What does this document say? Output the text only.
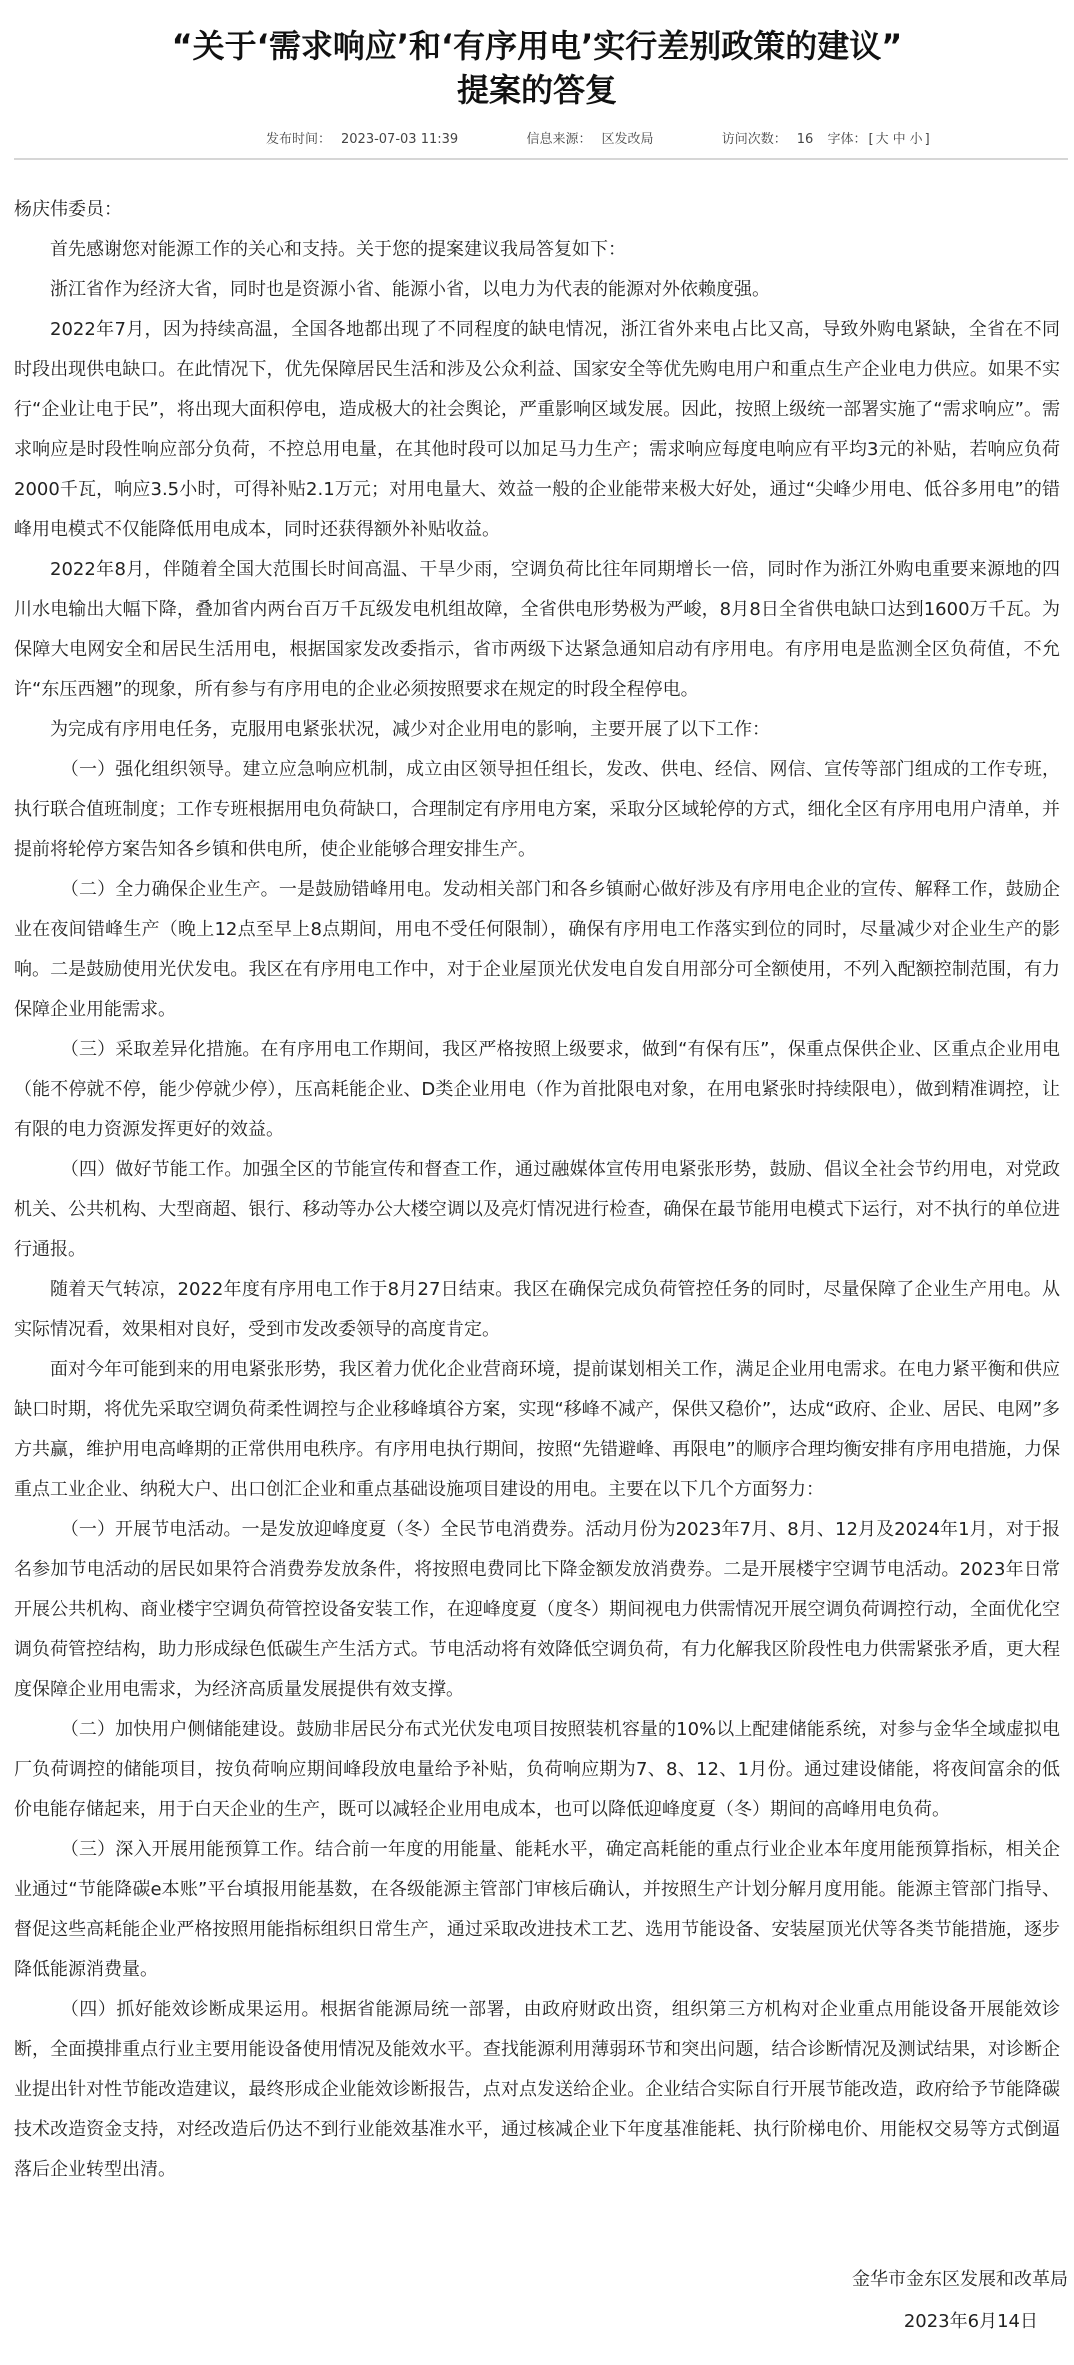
“关于‘需求响应’和‘有序用电’实行差别政策的建议”
提案的答复
发布时间： 2023-07-03 11:39	信息来源： 区发改局	访问次数： 16 字体： [ 大 中 小 ]

杨庆伟委员：

首先感谢您对能源工作的关心和支持。关于您的提案建议我局答复如下：

浙江省作为经济大省，同时也是资源小省、能源小省，以电力为代表的能源对外依赖度强。

2022年7月，因为持续高温，全国各地都出现了不同程度的缺电情况，浙江省外来电占比又高，导致外购电紧缺，全省在不同时段出现供电缺口。在此情况下，优先保障居民生活和涉及公众利益、国家安全等优先购电用户和重点生产企业电力供应。如果不实行“企业让电于民”，将出现大面积停电，造成极大的社会舆论，严重影响区域发展。因此，按照上级统一部署实施了“需求响应”。需求响应是时段性响应部分负荷，不控总用电量，在其他时段可以加足马力生产；需求响应每度电响应有平均3元的补贴，若响应负荷2000千瓦，响应3.5小时，可得补贴2.1万元；对用电量大、效益一般的企业能带来极大好处，通过“尖峰少用电、低谷多用电”的错峰用电模式不仅能降低用电成本，同时还获得额外补贴收益。

2022年8月，伴随着全国大范围长时间高温、干旱少雨，空调负荷比往年同期增长一倍，同时作为浙江外购电重要来源地的四川水电输出大幅下降，叠加省内两台百万千瓦级发电机组故障，全省供电形势极为严峻，8月8日全省供电缺口达到1600万千瓦。为保障大电网安全和居民生活用电，根据国家发改委指示，省市两级下达紧急通知启动有序用电。有序用电是监测全区负荷值，不允许“东压西翘”的现象，所有参与有序用电的企业必须按照要求在规定的时段全程停电。

为完成有序用电任务，克服用电紧张状况，减少对企业用电的影响，主要开展了以下工作：

（一）强化组织领导。建立应急响应机制，成立由区领导担任组长，发改、供电、经信、网信、宣传等部门组成的工作专班，执行联合值班制度；工作专班根据用电负荷缺口，合理制定有序用电方案，采取分区域轮停的方式，细化全区有序用电用户清单，并提前将轮停方案告知各乡镇和供电所，使企业能够合理安排生产。

（二）全力确保企业生产。一是鼓励错峰用电。发动相关部门和各乡镇耐心做好涉及有序用电企业的宣传、解释工作，鼓励企业在夜间错峰生产（晚上12点至早上8点期间，用电不受任何限制），确保有序用电工作落实到位的同时，尽量减少对企业生产的影响。二是鼓励使用光伏发电。我区在有序用电工作中，对于企业屋顶光伏发电自发自用部分可全额使用，不列入配额控制范围，有力保障企业用能需求。

（三）采取差异化措施。在有序用电工作期间，我区严格按照上级要求，做到“有保有压”，保重点保供企业、区重点企业用电（能不停就不停，能少停就少停），压高耗能企业、D类企业用电（作为首批限电对象，在用电紧张时持续限电），做到精准调控，让有限的电力资源发挥更好的效益。

（四）做好节能工作。加强全区的节能宣传和督查工作，通过融媒体宣传用电紧张形势，鼓励、倡议全社会节约用电，对党政机关、公共机构、大型商超、银行、移动等办公大楼空调以及亮灯情况进行检查，确保在最节能用电模式下运行，对不执行的单位进行通报。

随着天气转凉，2022年度有序用电工作于8月27日结束。我区在确保完成负荷管控任务的同时，尽量保障了企业生产用电。从实际情况看，效果相对良好，受到市发改委领导的高度肯定。

面对今年可能到来的用电紧张形势，我区着力优化企业营商环境，提前谋划相关工作，满足企业用电需求。在电力紧平衡和供应缺口时期，将优先采取空调负荷柔性调控与企业移峰填谷方案，实现“移峰不减产，保供又稳价”，达成“政府、企业、居民、电网”多方共赢，维护用电高峰期的正常供用电秩序。有序用电执行期间，按照“先错避峰、再限电”的顺序合理均衡安排有序用电措施，力保重点工业企业、纳税大户、出口创汇企业和重点基础设施项目建设的用电。主要在以下几个方面努力：

（一）开展节电活动。一是发放迎峰度夏（冬）全民节电消费券。活动月份为2023年7月、8月、12月及2024年1月，对于报名参加节电活动的居民如果符合消费券发放条件，将按照电费同比下降金额发放消费券。二是开展楼宇空调节电活动。2023年日常开展公共机构、商业楼宇空调负荷管控设备安装工作，在迎峰度夏（度冬）期间视电力供需情况开展空调负荷调控行动，全面优化空调负荷管控结构，助力形成绿色低碳生产生活方式。节电活动将有效降低空调负荷，有力化解我区阶段性电力供需紧张矛盾，更大程度保障企业用电需求，为经济高质量发展提供有效支撑。

（二）加快用户侧储能建设。鼓励非居民分布式光伏发电项目按照装机容量的10%以上配建储能系统，对参与金华全域虚拟电厂负荷调控的储能项目，按负荷响应期间峰段放电量给予补贴，负荷响应期为7、8、12、1月份。通过建设储能，将夜间富余的低价电能存储起来，用于白天企业的生产，既可以减轻企业用电成本，也可以降低迎峰度夏（冬）期间的高峰用电负荷。

（三）深入开展用能预算工作。结合前一年度的用能量、能耗水平，确定高耗能的重点行业企业本年度用能预算指标，相关企业通过“节能降碳e本账”平台填报用能基数，在各级能源主管部门审核后确认，并按照生产计划分解月度用能。能源主管部门指导、督促这些高耗能企业严格按照用能指标组织日常生产，通过采取改进技术工艺、选用节能设备、安装屋顶光伏等各类节能措施，逐步降低能源消费量。

（四）抓好能效诊断成果运用。根据省能源局统一部署，由政府财政出资，组织第三方机构对企业重点用能设备开展能效诊断，全面摸排重点行业主要用能设备使用情况及能效水平。查找能源利用薄弱环节和突出问题，结合诊断情况及测试结果，对诊断企业提出针对性节能改造建议，最终形成企业能效诊断报告，点对点发送给企业。企业结合实际自行开展节能改造，政府给予节能降碳技术改造资金支持，对经改造后仍达不到行业能效基准水平，通过核减企业下年度基准能耗、执行阶梯电价、用能权交易等方式倒逼落后企业转型出清。

金华市金东区发展和改革局
2023年6月14日
